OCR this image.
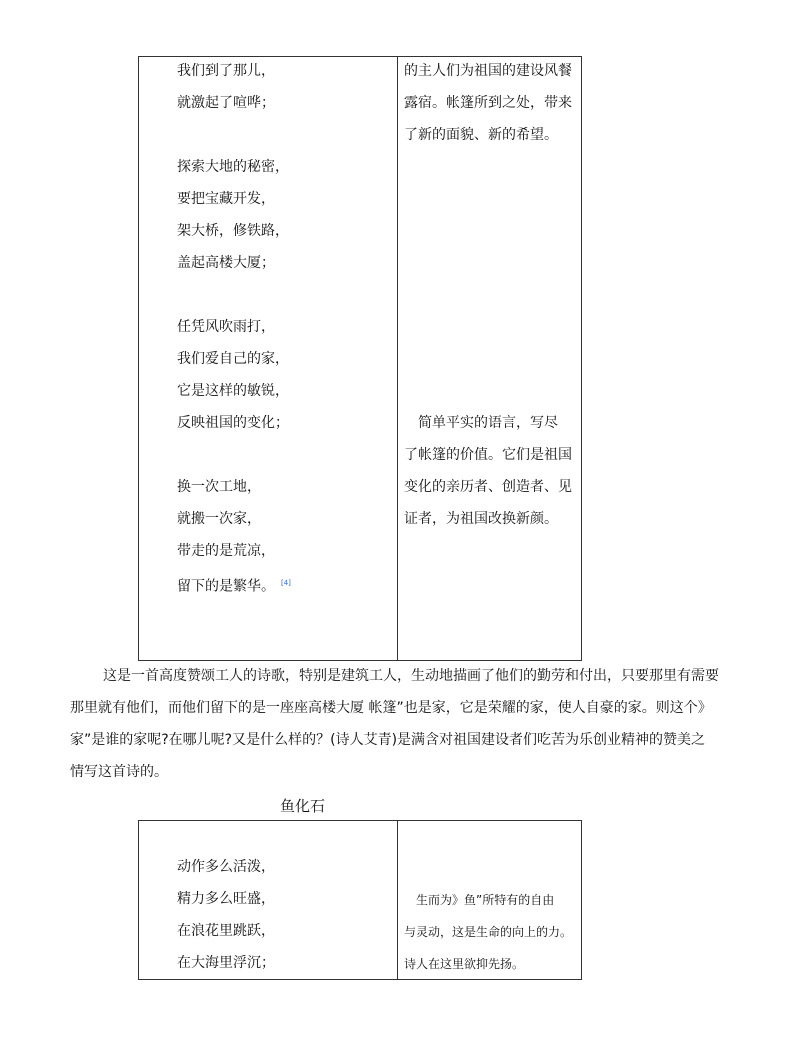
我们到了那儿，
就激起了喧哗；
探索大地的秘密，
要把宝藏开发，
架大桥，修铁路，
盖起高楼大厦；
任凭风吹雨打，
我们爱自己的家，
它是这样的敏锐，
反映祖国的变化；
换一次工地，
就搬一次家，
带走的是荒凉，
留下的是繁华。 [4]
的主人们为祖国的建设风餐
露宿。帐篷所到之处，带来
了新的面貌、新的希望。
　简单平实的语言，写尽
了帐篷的价值。它们是祖国
变化的亲历者、创造者、见
证者，为祖国改换新颜。
这是一首高度赞颂工人的诗歌，特别是建筑工人，生动地描画了他们的勤劳和付出，只要那里有需要
那里就有他们，而他们留下的是一座座高楼大厦 帐篷”也是家，它是荣耀的家，使人自豪的家。则这个》
家”是谁的家呢?在哪儿呢?又是什么样的？(诗人艾青)是满含对祖国建设者们吃苦为乐创业精神的赞美之
情写这首诗的。
鱼化石
动作多么活泼，
精力多么旺盛，
在浪花里跳跃，
在大海里浮沉；
　生而为》鱼”所特有的自由
与灵动，这是生命的向上的力。
诗人在这里欲抑先扬。
